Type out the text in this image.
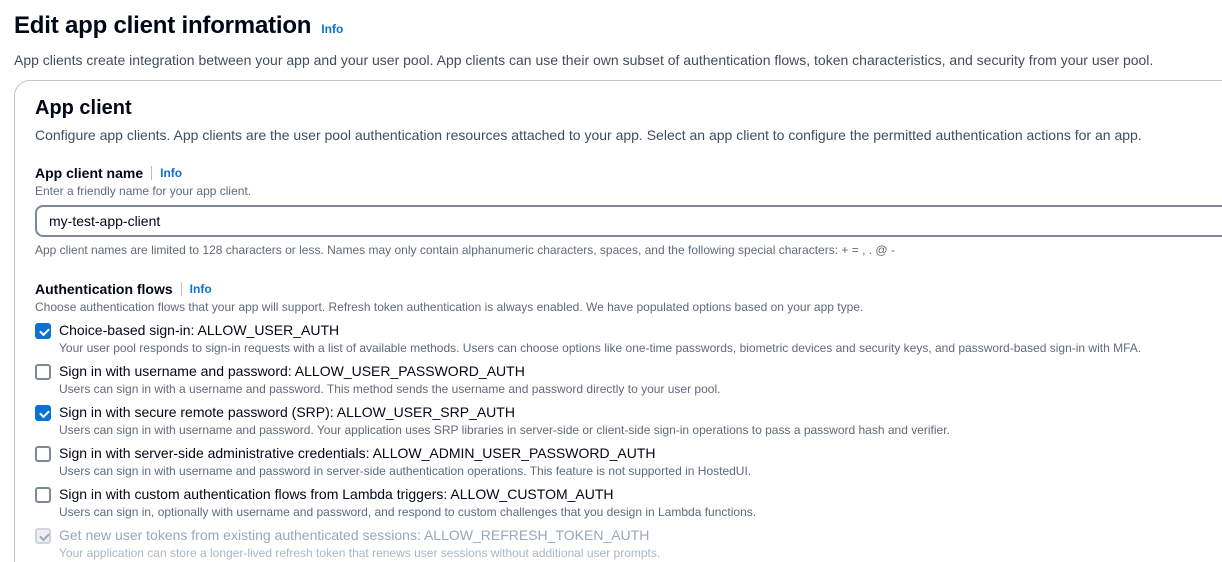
Edit app client information Info
App clients create integration between your app and your user pool. App clients can use their own subset of authentication flows, token characteristics, and security from your user pool.
App client
Configure app clients. App clients are the user pool authentication resources attached to your app. Select an app client to configure the permitted authentication actions for an app.
App client name Info
Enter a friendly name for your app client.
my-test-app-client
App client names are limited to 128 characters or less. Names may only contain alphanumeric characters, spaces, and the following special characters: + = , . @ -
Authentication flows Info
Choose authentication flows that your app will support. Refresh token authentication is always enabled. We have populated options based on your app type.
Choice-based sign-in: ALLOW_USER_AUTH
Your user pool responds to sign-in requests with a list of available methods. Users can choose options like one-time passwords, biometric devices and security keys, and password-based sign-in with MFA.
Sign in with username and password: ALLOW_USER_PASSWORD_AUTH
Users can sign in with a username and password. This method sends the username and password directly to your user pool.
Sign in with secure remote password (SRP): ALLOW_USER_SRP_AUTH
Users can sign in with username and password. Your application uses SRP libraries in server-side or client-side sign-in operations to pass a password hash and verifier.
Sign in with server-side administrative credentials: ALLOW_ADMIN_USER_PASSWORD_AUTH
Users can sign in with username and password in server-side authentication operations. This feature is not supported in HostedUI.
Sign in with custom authentication flows from Lambda triggers: ALLOW_CUSTOM_AUTH
Users can sign in, optionally with username and password, and respond to custom challenges that you design in Lambda functions.
Get new user tokens from existing authenticated sessions: ALLOW_REFRESH_TOKEN_AUTH
Your application can store a longer-lived refresh token that renews user sessions without additional user prompts.
